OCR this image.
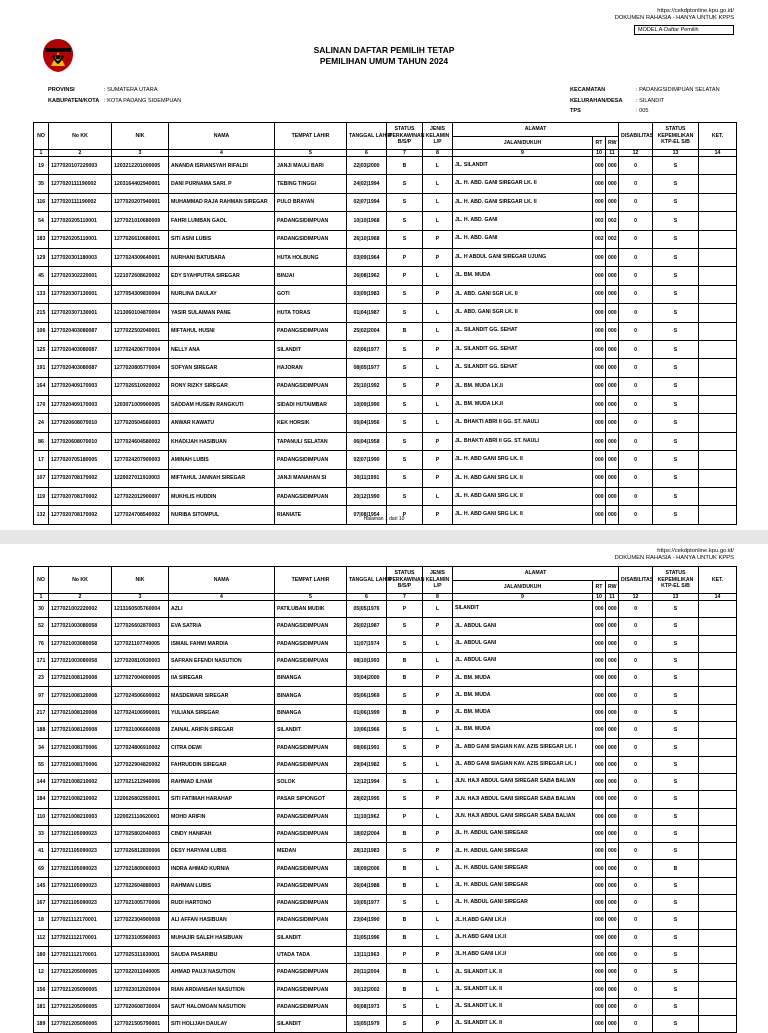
https://cekdptonline.kpu.go.id/
DOKUMEN RAHASIA - HANYA UNTUK KPPS
MODEL A-Daftar Pemilih
SALINAN DAFTAR PEMILIH TETAP
PEMILIHAN UMUM TAHUN 2024
PROVINSI	: SUMATERA UTARA
KABUPATEN/KOTA : KOTA PADANG SIDEMPUAN
KECAMATAN	: PADANGSIDIMPUAN SELATAN
KELURAHAN/DESA : SILANDIT
TPS	: 005
NO	No KK	NIK	NAMA	TEMPAT LAHIR	TANGGAL LAHIR	STATUS PERKAWINAN B/S/P	JENIS KELAMIN L/P	ALAMAT			DISABILITAS	STATUS KEPEMILIKAN KTP-EL S/B	KET.
								JALAN/DUKUH	RT	RW			
1	2	3	4	5	6	7	8	9	10	11	12	13	14
19	1277020107220003	1203212201000005	ANANDA ISRIANSYAH RIFALDI	JANJI MAULI BARI	22|03|2000	B	L	JL. SILANDIT	000	000	0	S	
35	1277020111190002	1203164402940001	DANI PURNAMA SARI. P	TEBING TINGGI	24|02|1994	S	L	JL. H. ABD. GANI SIREGAR LK. II	000	000	0	S	
116	1277020111190002	1277020207940001	MUHAMMAD RAJA RAHMAN SIREGAR	PULO BRAYAN	02|07|1994	S	L	JL. H. ABD. GANI SIREGAR LK. II	000	000	0	S	
54	1277020205110001	1277021010680009	FAHRI LUMBAN GAOL	PADANGSIDIMPUAN	10|10|1968	S	L	JL. H. ABD. GANI	002	002	0	S	
183	1277020205110001	1277026610680001	SITI ASNI LUBIS	PADANGSIDIMPUAN	26|10|1968	S	P	JL. H. ABD. GANI	002	002	0	S	
129	1277020301180003	1277024309640001	NURHANI BATUBARA	HUTA HOLBUNG	03|09|1964	P	P	JL. H ABDUL GANI SIREGAR UJUNG	000	000	0	S	
45	1277020302220001	1221072608620002	EDY SYAHPUTRA SIREGAR	BINJAI	26|08|1962	P	L	JL. BM. MUDA	000	000	0	S	
133	1277020307130001	1277054309830004	NURLINA DAULAY	GOTI	03|09|1983	S	P	JL. ABD. GANI SGR LK. II	000	000	0	S	
215	1277020307130001	1213060104870004	YASIR SULAIMAN PANE	HUTA TORAS	01|04|1987	S	L	JL. ABD. GANI SGR LK. II	000	000	0	S	
106	1277020403080087	1277022502040001	MIFTAHUL HUSNI	PADANGSIDIMPUAN	25|02|2004	B	L	JL. SILANDIT GG. SEHAT	000	000	0	S	
125	1277020403080087	1277024206770004	NELLY ANA	SILANDIT	02|06|1977	S	P	JL. SILANDIT GG. SEHAT	000	000	0	S	
191	1277020403080087	1277020805770004	SOFYAN SIREGAR	HAJORAN	08|05|1977	S	L	JL. SILANDIT GG. SEHAT	000	000	0	S	
164	1277020409170003	1277026510920002	RONY RIZKY SIREGAR	PADANGSIDIMPUAN	25|10|1992	S	P	JL. BM. MUDA LK.II	000	000	0	S	
170	1277020409170003	1203071009900005	SADDAM HUSEIN RANGKUTI	SIDADI HUTAIMBAR	10|09|1990	S	L	JL. BM. MUDA LK.II	000	000	0	S	
24	1277020608070010	1277020504560003	ANWAR KAWATU	KEK HORSIK	05|04|1956	S	L	JL. BHAKTI ABRI II GG. ST. NAULI	000	000	0	S	
86	1277020608070010	1277024604580002	KHADIJAH HASIBUAN	TAPANULI SELATAN	06|04|1958	S	P	JL. BHAKTI ABRI II GG. ST. NAULI	000	000	0	S	
17	1277020705180005	1277024207900003	AMINAH LUBIS	PADANGSIDIMPUAN	02|07|1990	S	P	JL. H. ABD GANI SRG LK. II	000	000	0	S	
107	1277020708170002	1220027011910003	MIFTAHUL JANNAH SIREGAR	JANJI MANAHAN SI	30|11|1991	S	P	JL. H. ABD GANI SRG LK. II	000	000	0	S	
119	1277020708170002	1277022012900007	MUKHLIS HUDDIN	PADANGSIDIMPUAN	20|12|1990	S	L	JL. H. ABD GANI SRG LK. II	000	000	0	S	
132	1277020708170002	1277024708540002	NURIBA SITOMPUL	RIANIATE	07|08|1954	P	P	JL. H. ABD GANI SRG LK. II	000	000	0	S	
Halaman 1 dari 10
https://cekdptonline.kpu.go.id/
DOKUMEN RAHASIA - HANYA UNTUK KPPS
NO	No KK	NIK	NAMA	TEMPAT LAHIR	TANGGAL LAHIR	STATUS PERKAWINAN B/S/P	JENIS KELAMIN L/P	ALAMAT			DISABILITAS	STATUS KEPEMILIKAN KTP-EL S/B	KET.
								JALAN/DUKUH	RT	RW			
1	2	3	4	5	6	7	8	9	10	11	12	13	14
30	1277021002220002	1213160505760004	AZLI	PATILUBAN MUDIK	05|05|1976	P	L	SILANDIT	000	000	0	S	
52	1277021003080058	1277026602870003	EVA SATRIA	PADANGSIDIMPUAN	26|02|1987	S	P	JL. ABDUL GANI	000	000	0	S	
76	1277021003080058	1277021107740005	ISMAIL FAHMI MARDIA	PADANGSIDIMPUAN	11|07|1974	S	L	JL. ABDUL GANI	000	000	0	S	
171	1277021003080058	1277020810930003	SAFRAN EFENDI NASUTION	PADANGSIDIMPUAN	08|10|1993	B	L	JL. ABDUL GANI	000	000	0	S	
23	1277021008120008	1277027004000005	IIA SIREGAR	BINANGA	30|04|2000	B	P	JL. BM. MUDA	000	000	0	S	
97	1277021008120008	1277024506690002	MASDEWARI SIREGAR	BINANGA	05|06|1969	S	P	JL. BM. MUDA	000	000	0	S	
217	1277021008120008	1277024106990001	YULIANA SIREGAR	BINANGA	01|06|1999	B	P	JL. BM. MUDA	000	000	0	S	
188	1277021008120008	1277021006660008	ZAINAL ARIFIN SIREGAR	SILANDIT	10|06|1966	S	L	JL. BM. MUDA	000	000	0	S	
34	1277021008170006	1277024806910002	CITRA DEWI	PADANGSIDIMPUAN	08|06|1991	S	P	JL. ABD GANI SIAGIAN KAV. AZIS SIREGAR LK. I	000	000	0	S	
55	1277021008170006	1277022904820002	FAHRUDDIN SIREGAR	PADANGSIDIMPUAN	29|04|1982	S	L	JL. ABD GANI SIAGIAN KAV. AZIS SIREGAR LK. I	000	000	0	S	
144	1277021008210002	1277021212940006	RAHMAD ILHAM	SOLOK	12|12|1994	S	L	JLN. HAJI ABDUL GANI SIREGAR SABA BALIAN	000	000	0	S	
184	1277021008210002	1220026802950001	SITI FATIMAH HARAHAP	PASAR SIPIONGOT	28|02|1995	S	P	JLN. HAJI ABDUL GANI SIREGAR SABA BALIAN	000	000	0	S	
110	1277021008210003	1220021110620001	MOHD ARIFIN	PADANGSIDIMPUAN	11|10|1962	P	L	JLN. HAJI ABDUL GANI SIREGAR SABA BALIAN	000	000	0	S	
33	1277021105090023	1277025802040003	CINDY HANIFAH	PADANGSIDIMPUAN	18|02|2004	B	P	JL. H. ABDUL GANI SIREGAR	000	000	0	S	
41	1277021105090023	1277026812830006	DESY HARYANI LUBIS	MEDAN	28|12|1983	S	P	JL. H. ABDUL GANI SIREGAR	000	000	0	S	
69	1277021105090023	1277021809060003	INDRA AHMAD KURNIA	PADANGSIDIMPUAN	18|09|2006	B	L	JL. H. ABDUL GANI SIREGAR	000	000	0	B	
145	1277021105090023	1277022604880003	RAHMAN LUBIS	PADANGSIDIMPUAN	26|04|1988	B	L	JL. H. ABDUL GANI SIREGAR	000	000	0	S	
167	1277021105090023	1277021005770006	RUDI HARTONO	PADANGSIDIMPUAN	10|05|1977	S	L	JL. H. ABDUL GANI SIREGAR	000	000	0	S	
18	1277021112170001	1277022304900008	ALI AFFAN HASIBUAN	PADANGSIDIMPUAN	23|04|1990	B	L	JL.H.ABD GANI LK.II	000	000	0	S	
112	1277021112170001	1277023105960003	MUHAJIR SALEH HASIBUAN	SILANDIT	31|05|1996	B	L	JL.H.ABD GANI LK.II	000	000	0	S	
180	1277021112170001	1277025311630001	SAUDA PASARIBU	UTADA TADA	13|11|1963	P	P	JL.H.ABD GANI LK.II	000	000	0	S	
12	1277021205090005	1277022011040005	AHMAD PAUJI NASUTION	PADANGSIDIMPUAN	20|11|2004	B	L	JL. SILANDIT LK. II	000	000	0	S	
156	1277021205090005	1277023012020004	RIAN ARDIANSAH NASUTION	PADANGSIDIMPUAN	30|12|2002	B	L	JL. SILANDIT LK. II	000	000	0	S	
181	1277021205090005	1277020608730004	SAUT HALOMOAN NASUTION	PADANGSIDIMPUAN	06|08|1973	S	L	JL. SILANDIT LK. II	000	000	0	S	
189	1277021205090005	1277021505790001	SITI HOLIJAH DAULAY	SILANDIT	15|05|1979	S	P	JL. SILANDIT LK. II	000	000	0	S	
